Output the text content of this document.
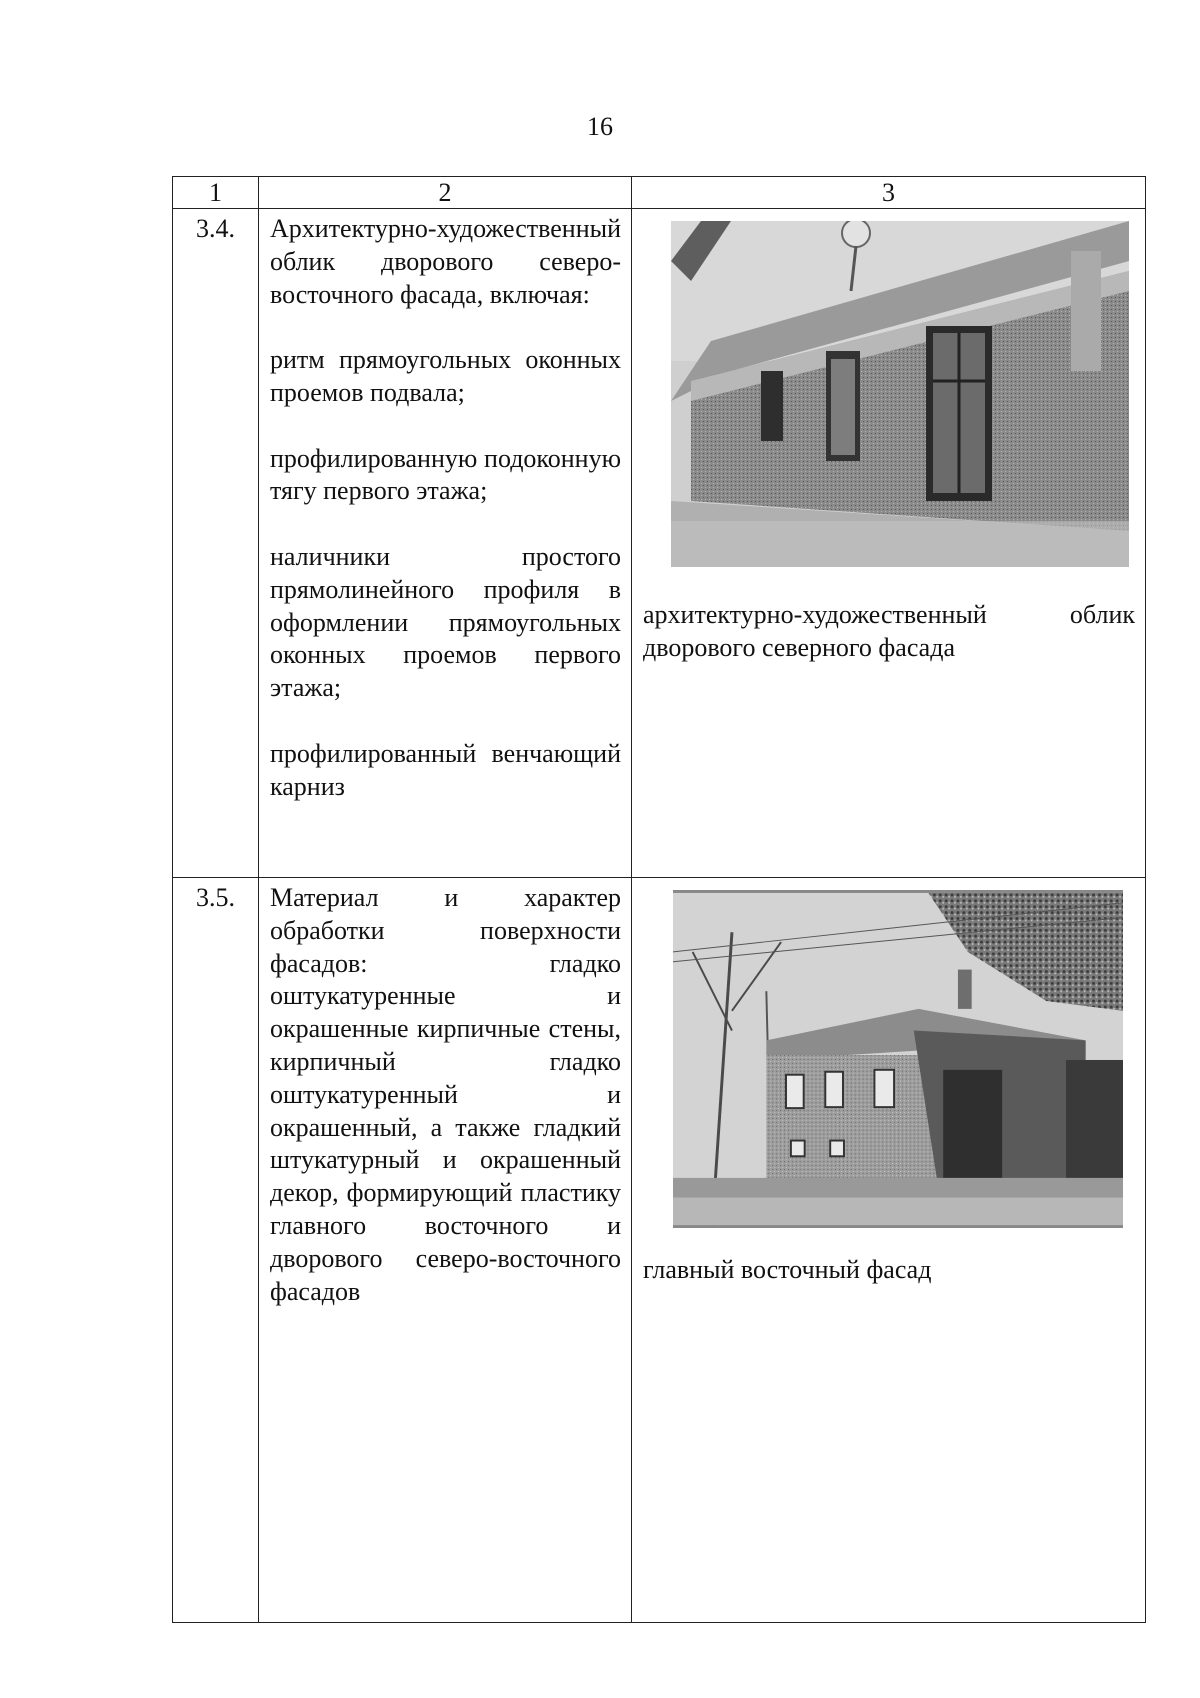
16
1	2	3
3.4.	Архитектурно-художественный облик дворового северо-восточного фасада, включая:

ритм прямоугольных оконных проемов подвала;

профилированную подоконную тягу первого этажа;

наличники простого прямолинейного профиля в оформлении прямоугольных оконных проемов первого этажа;

профилированный венчающий карниз	архитектурно-художественный облик дворового северного фасада

3.5.	Материал и характер обработки поверхности фасадов: гладко оштукатуренные и окрашенные кирпичные стены, кирпичный гладко оштукатуренный и окрашенный, а также гладкий штукатурный и окрашенный декор, формирующий пластику главного восточного и дворового северо-восточного фасадов	главный восточный фасад
